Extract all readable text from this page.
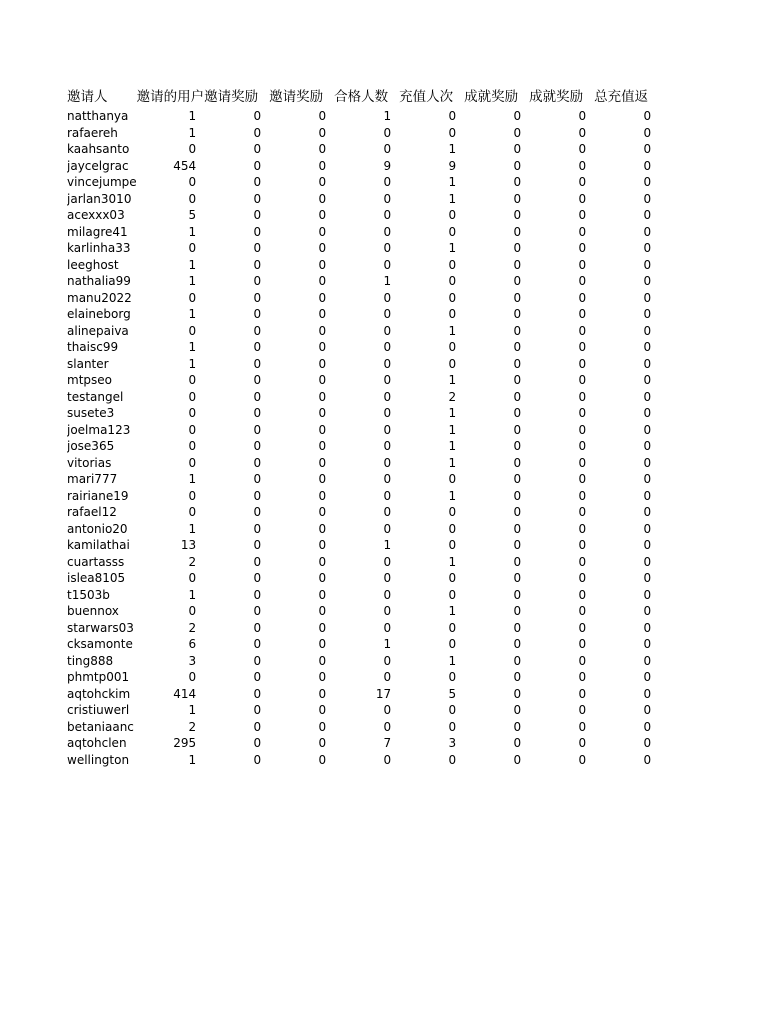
邀请人	邀请的用户	邀请奖励	邀请奖励	合格人数	充值人次	成就奖励	成就奖励	总充值返
natthanya	1	0	0	1	0	0	0	0
rafaereh	1	0	0	0	0	0	0	0
kaahsanto	0	0	0	0	1	0	0	0
jaycelgrac	454	0	0	9	9	0	0	0
vincejumpe	0	0	0	0	1	0	0	0
jarlan3010	0	0	0	0	1	0	0	0
acexxx03	5	0	0	0	0	0	0	0
milagre41	1	0	0	0	0	0	0	0
karlinha33	0	0	0	0	1	0	0	0
leeghost	1	0	0	0	0	0	0	0
nathalia99	1	0	0	1	0	0	0	0
manu2022	0	0	0	0	0	0	0	0
elaineborg	1	0	0	0	0	0	0	0
alinepaiva	0	0	0	0	1	0	0	0
thaisc99	1	0	0	0	0	0	0	0
slanter	1	0	0	0	0	0	0	0
mtpseo	0	0	0	0	1	0	0	0
testangel	0	0	0	0	2	0	0	0
susete3	0	0	0	0	1	0	0	0
joelma123	0	0	0	0	1	0	0	0
jose365	0	0	0	0	1	0	0	0
vitorias	0	0	0	0	1	0	0	0
mari777	1	0	0	0	0	0	0	0
rairiane19	0	0	0	0	1	0	0	0
rafael12	0	0	0	0	0	0	0	0
antonio20	1	0	0	0	0	0	0	0
kamilathai	13	0	0	1	0	0	0	0
cuartasss	2	0	0	0	1	0	0	0
islea8105	0	0	0	0	0	0	0	0
t1503b	1	0	0	0	0	0	0	0
buennox	0	0	0	0	1	0	0	0
starwars03	2	0	0	0	0	0	0	0
cksamonte	6	0	0	1	0	0	0	0
ting888	3	0	0	0	1	0	0	0
phmtp001	0	0	0	0	0	0	0	0
aqtohckim	414	0	0	17	5	0	0	0
cristiuwerl	1	0	0	0	0	0	0	0
betaniaanc	2	0	0	0	0	0	0	0
aqtohclen	295	0	0	7	3	0	0	0
wellington	1	0	0	0	0	0	0	0
